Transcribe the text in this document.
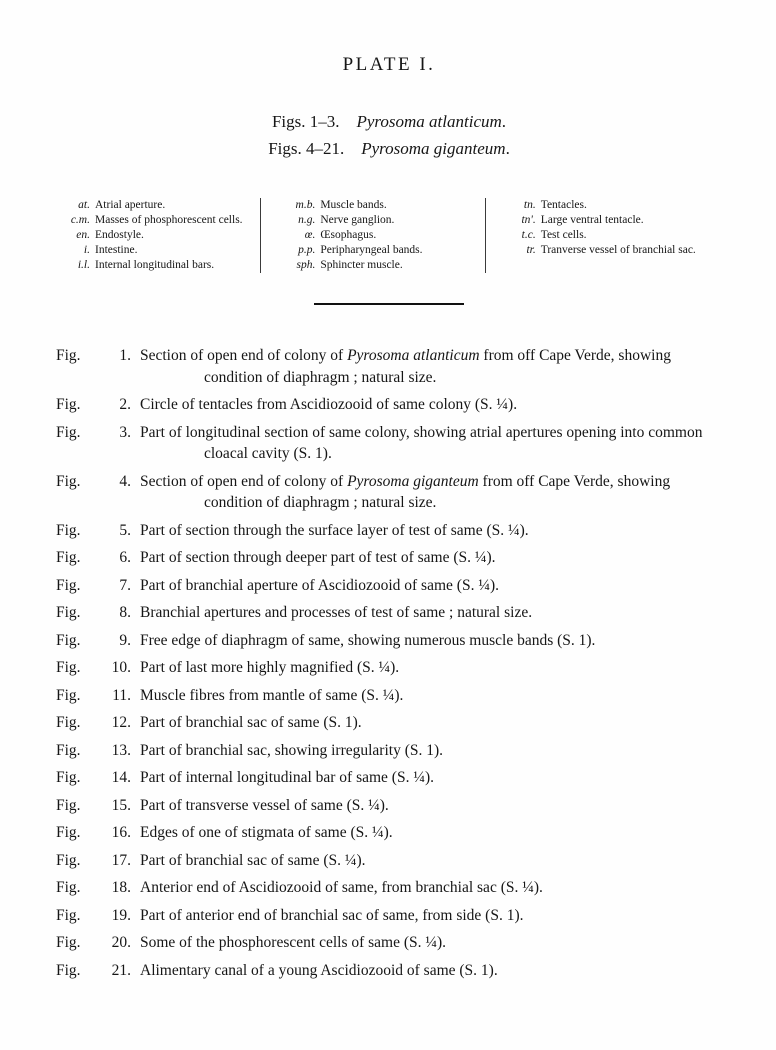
PLATE I.
Figs. 1–3. Pyrosoma atlanticum.
Figs. 4–21. Pyrosoma giganteum.
at. Atrial aperture.
c.m. Masses of phosphorescent cells.
en. Endostyle.
i. Intestine.
i.l. Internal longitudinal bars.
m.b. Muscle bands.
n.g. Nerve ganglion.
œ. Œsophagus.
p.p. Peripharyngeal bands.
sph. Sphincter muscle.
tn. Tentacles.
tn'. Large ventral tentacle.
t.c. Test cells.
tr. Tranverse vessel of branchial sac.
Fig.	1. Section of open end of colony of Pyrosoma atlanticum from off Cape Verde, showing condition of diaphragm ; natural size.
Fig.	2. Circle of tentacles from Ascidiozooid of same colony (S. ¼).
Fig.	3. Part of longitudinal section of same colony, showing atrial apertures opening into common cloacal cavity (S. 1).
Fig.	4. Section of open end of colony of Pyrosoma giganteum from off Cape Verde, showing condition of diaphragm ; natural size.
Fig.	5. Part of section through the surface layer of test of same (S. ¼).
Fig.	6. Part of section through deeper part of test of same (S. ¼).
Fig.	7. Part of branchial aperture of Ascidiozooid of same (S. ¼).
Fig.	8. Branchial apertures and processes of test of same ; natural size.
Fig.	9. Free edge of diaphragm of same, showing numerous muscle bands (S. 1).
Fig.	10. Part of last more highly magnified (S. ¼).
Fig.	11. Muscle fibres from mantle of same (S. ¼).
Fig.	12. Part of branchial sac of same (S. 1).
Fig.	13. Part of branchial sac, showing irregularity (S. 1).
Fig.	14. Part of internal longitudinal bar of same (S. ¼).
Fig.	15. Part of transverse vessel of same (S. ¼).
Fig.	16. Edges of one of stigmata of same (S. ¼).
Fig.	17. Part of branchial sac of same (S. ¼).
Fig.	18. Anterior end of Ascidiozooid of same, from branchial sac (S. ¼).
Fig.	19. Part of anterior end of branchial sac of same, from side (S. 1).
Fig.	20. Some of the phosphorescent cells of same (S. ¼).
Fig.	21. Alimentary canal of a young Ascidiozooid of same (S. 1).
